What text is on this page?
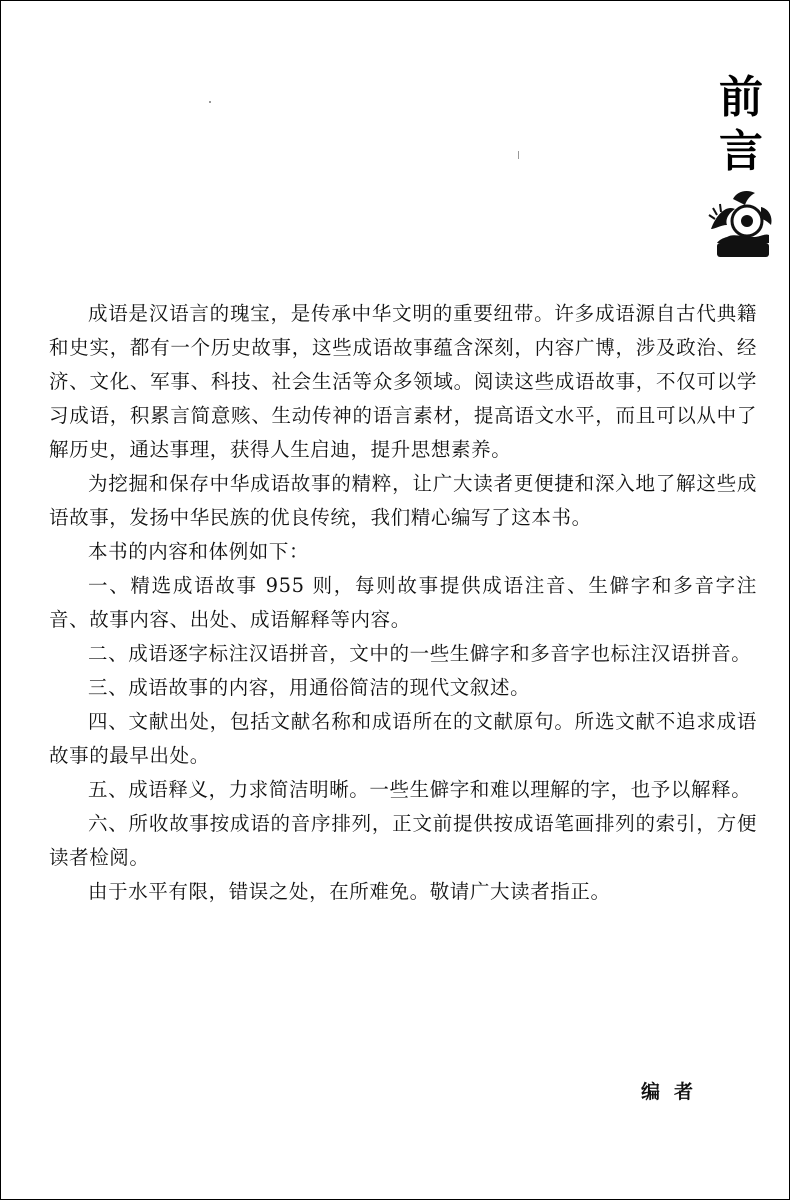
前
言

成语是汉语言的瑰宝，是传承中华文明的重要纽带。许多成语源自古代典籍和史实，都有一个历史故事，这些成语故事蕴含深刻，内容广博，涉及政治、经济、文化、军事、科技、社会生活等众多领域。阅读这些成语故事，不仅可以学习成语，积累言简意赅、生动传神的语言素材，提高语文水平，而且可以从中了解历史，通达事理，获得人生启迪，提升思想素养。

为挖掘和保存中华成语故事的精粹，让广大读者更便捷和深入地了解这些成语故事，发扬中华民族的优良传统，我们精心编写了这本书。

本书的内容和体例如下：

一、精选成语故事 955 则，每则故事提供成语注音、生僻字和多音字注音、故事内容、出处、成语解释等内容。

二、成语逐字标注汉语拼音，文中的一些生僻字和多音字也标注汉语拼音。

三、成语故事的内容，用通俗简洁的现代文叙述。

四、文献出处，包括文献名称和成语所在的文献原句。所选文献不追求成语故事的最早出处。

五、成语释义，力求简洁明晰。一些生僻字和难以理解的字，也予以解释。

六、所收故事按成语的音序排列，正文前提供按成语笔画排列的索引，方便读者检阅。

由于水平有限，错误之处，在所难免。敬请广大读者指正。

编者
